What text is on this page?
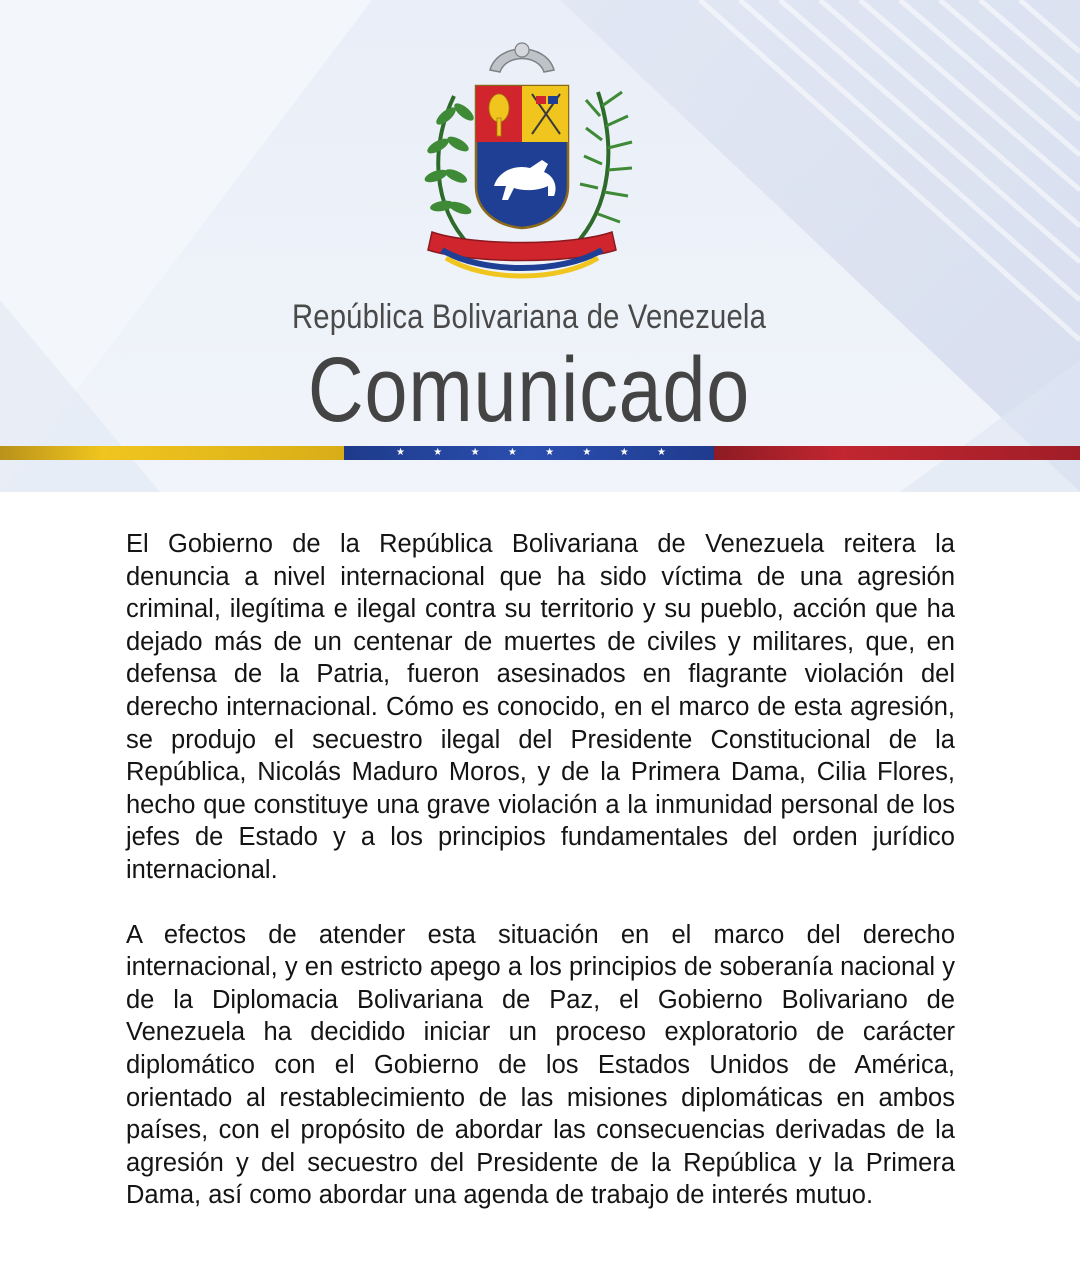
República Bolivariana de Venezuela
Comunicado
★	★	★	★	★	★	★	★

El Gobierno de la República Bolivariana de Venezuela reitera la denuncia a nivel internacional que ha sido víctima de una agresión criminal, ilegítima e ilegal contra su territorio y su pueblo, acción que ha dejado más de un centenar de muertes de civiles y militares, que, en defensa de la Patria, fueron asesinados en flagrante violación del derecho internacional. Cómo es conocido, en el marco de esta agresión, se produjo el secuestro ilegal del Presidente Constitucional de la República, Nicolás Maduro Moros, y de la Primera Dama, Cilia Flores, hecho que constituye una grave violación a la inmunidad personal de los jefes de Estado y a los principios fundamentales del orden jurídico internacional.

A efectos de atender esta situación en el marco del derecho internacional, y en estricto apego a los principios de soberanía nacional y de la Diplomacia Bolivariana de Paz, el Gobierno Bolivariano de Venezuela ha decidido iniciar un proceso exploratorio de carácter diplomático con el Gobierno de los Estados Unidos de América, orientado al restablecimiento de las misiones diplomáticas en ambos países, con el propósito de abordar las consecuencias derivadas de la agresión y del secuestro del Presidente de la República y la Primera Dama, así como abordar una agenda de trabajo de interés mutuo.
